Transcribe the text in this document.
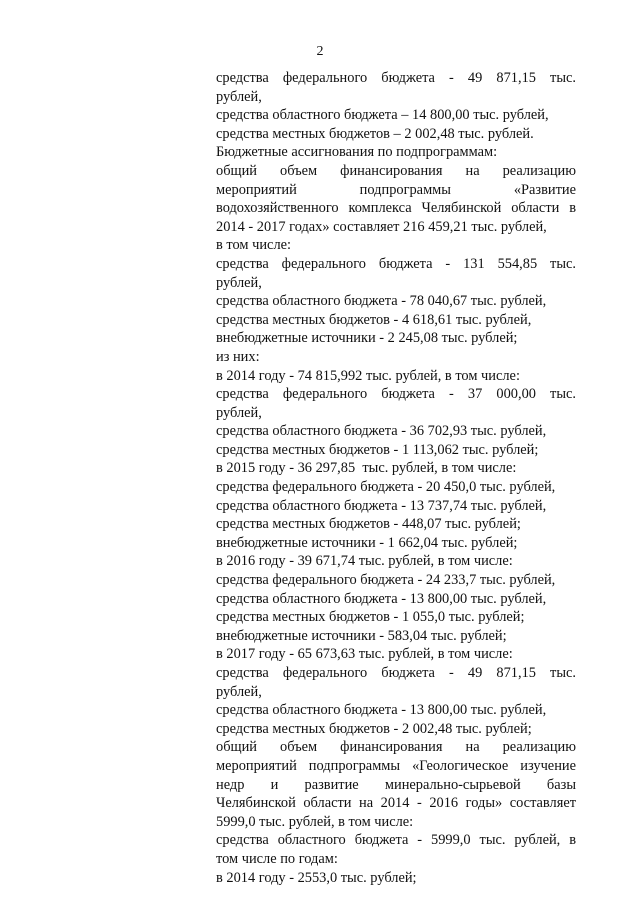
2
средства федерального бюджета - 49 871,15 тыс.
рублей,
средства областного бюджета – 14 800,00 тыс. рублей,
средства местных бюджетов – 2 002,48 тыс. рублей.
Бюджетные ассигнования по подпрограммам:
общий объем финансирования на реализацию
мероприятий подпрограммы «Развитие
водохозяйственного комплекса Челябинской области в
2014 - 2017 годах» составляет 216 459,21 тыс. рублей,
в том числе:
средства федерального бюджета - 131 554,85 тыс.
рублей,
средства областного бюджета - 78 040,67 тыс. рублей,
средства местных бюджетов - 4 618,61 тыс. рублей,
внебюджетные источники - 2 245,08 тыс. рублей;
из них:
в 2014 году - 74 815,992 тыс. рублей, в том числе:
средства федерального бюджета - 37 000,00 тыс.
рублей,
средства областного бюджета - 36 702,93 тыс. рублей,
средства местных бюджетов - 1 113,062 тыс. рублей;
в 2015 году - 36 297,85  тыс. рублей, в том числе:
средства федерального бюджета - 20 450,0 тыс. рублей,
средства областного бюджета - 13 737,74 тыс. рублей,
средства местных бюджетов - 448,07 тыс. рублей;
внебюджетные источники - 1 662,04 тыс. рублей;
в 2016 году - 39 671,74 тыс. рублей, в том числе:
средства федерального бюджета - 24 233,7 тыс. рублей,
средства областного бюджета - 13 800,00 тыс. рублей,
средства местных бюджетов - 1 055,0 тыс. рублей;
внебюджетные источники - 583,04 тыс. рублей;
в 2017 году - 65 673,63 тыс. рублей, в том числе:
средства федерального бюджета - 49 871,15 тыс.
рублей,
средства областного бюджета - 13 800,00 тыс. рублей,
средства местных бюджетов - 2 002,48 тыс. рублей;
общий объем финансирования на реализацию
мероприятий подпрограммы «Геологическое изучение
недр и развитие минерально-сырьевой базы
Челябинской области на 2014 - 2016 годы» составляет
5999,0 тыс. рублей, в том числе:
средства областного бюджета - 5999,0 тыс. рублей, в
том числе по годам:
в 2014 году - 2553,0 тыс. рублей;
